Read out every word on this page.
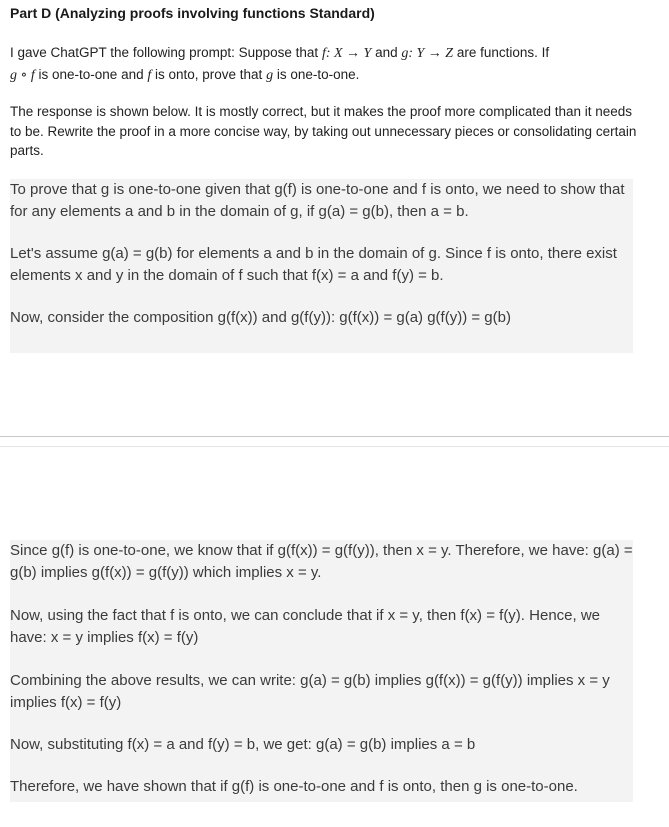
Part D (Analyzing proofs involving functions Standard)
I gave ChatGPT the following prompt: Suppose that f: X → Y and g: Y → Z are functions. If
g ∘ f is one-to-one and f is onto, prove that g is one-to-one.
The response is shown below. It is mostly correct, but it makes the proof more complicated than it needs to be. Rewrite the proof in a more concise way, by taking out unnecessary pieces or consolidating certain parts.

To prove that g is one-to-one given that g(f) is one-to-one and f is onto, we need to show that for any elements a and b in the domain of g, if g(a) = g(b), then a = b.

Let's assume g(a) = g(b) for elements a and b in the domain of g. Since f is onto, there exist elements x and y in the domain of f such that f(x) = a and f(y) = b.

Now, consider the composition g(f(x)) and g(f(y)): g(f(x)) = g(a) g(f(y)) = g(b)

Since g(f) is one-to-one, we know that if g(f(x)) = g(f(y)), then x = y. Therefore, we have: g(a) = g(b) implies g(f(x)) = g(f(y)) which implies x = y.

Now, using the fact that f is onto, we can conclude that if x = y, then f(x) = f(y). Hence, we have: x = y implies f(x) = f(y)

Combining the above results, we can write: g(a) = g(b) implies g(f(x)) = g(f(y)) implies x = y implies f(x) = f(y)

Now, substituting f(x) = a and f(y) = b, we get: g(a) = g(b) implies a = b

Therefore, we have shown that if g(f) is one-to-one and f is onto, then g is one-to-one.
